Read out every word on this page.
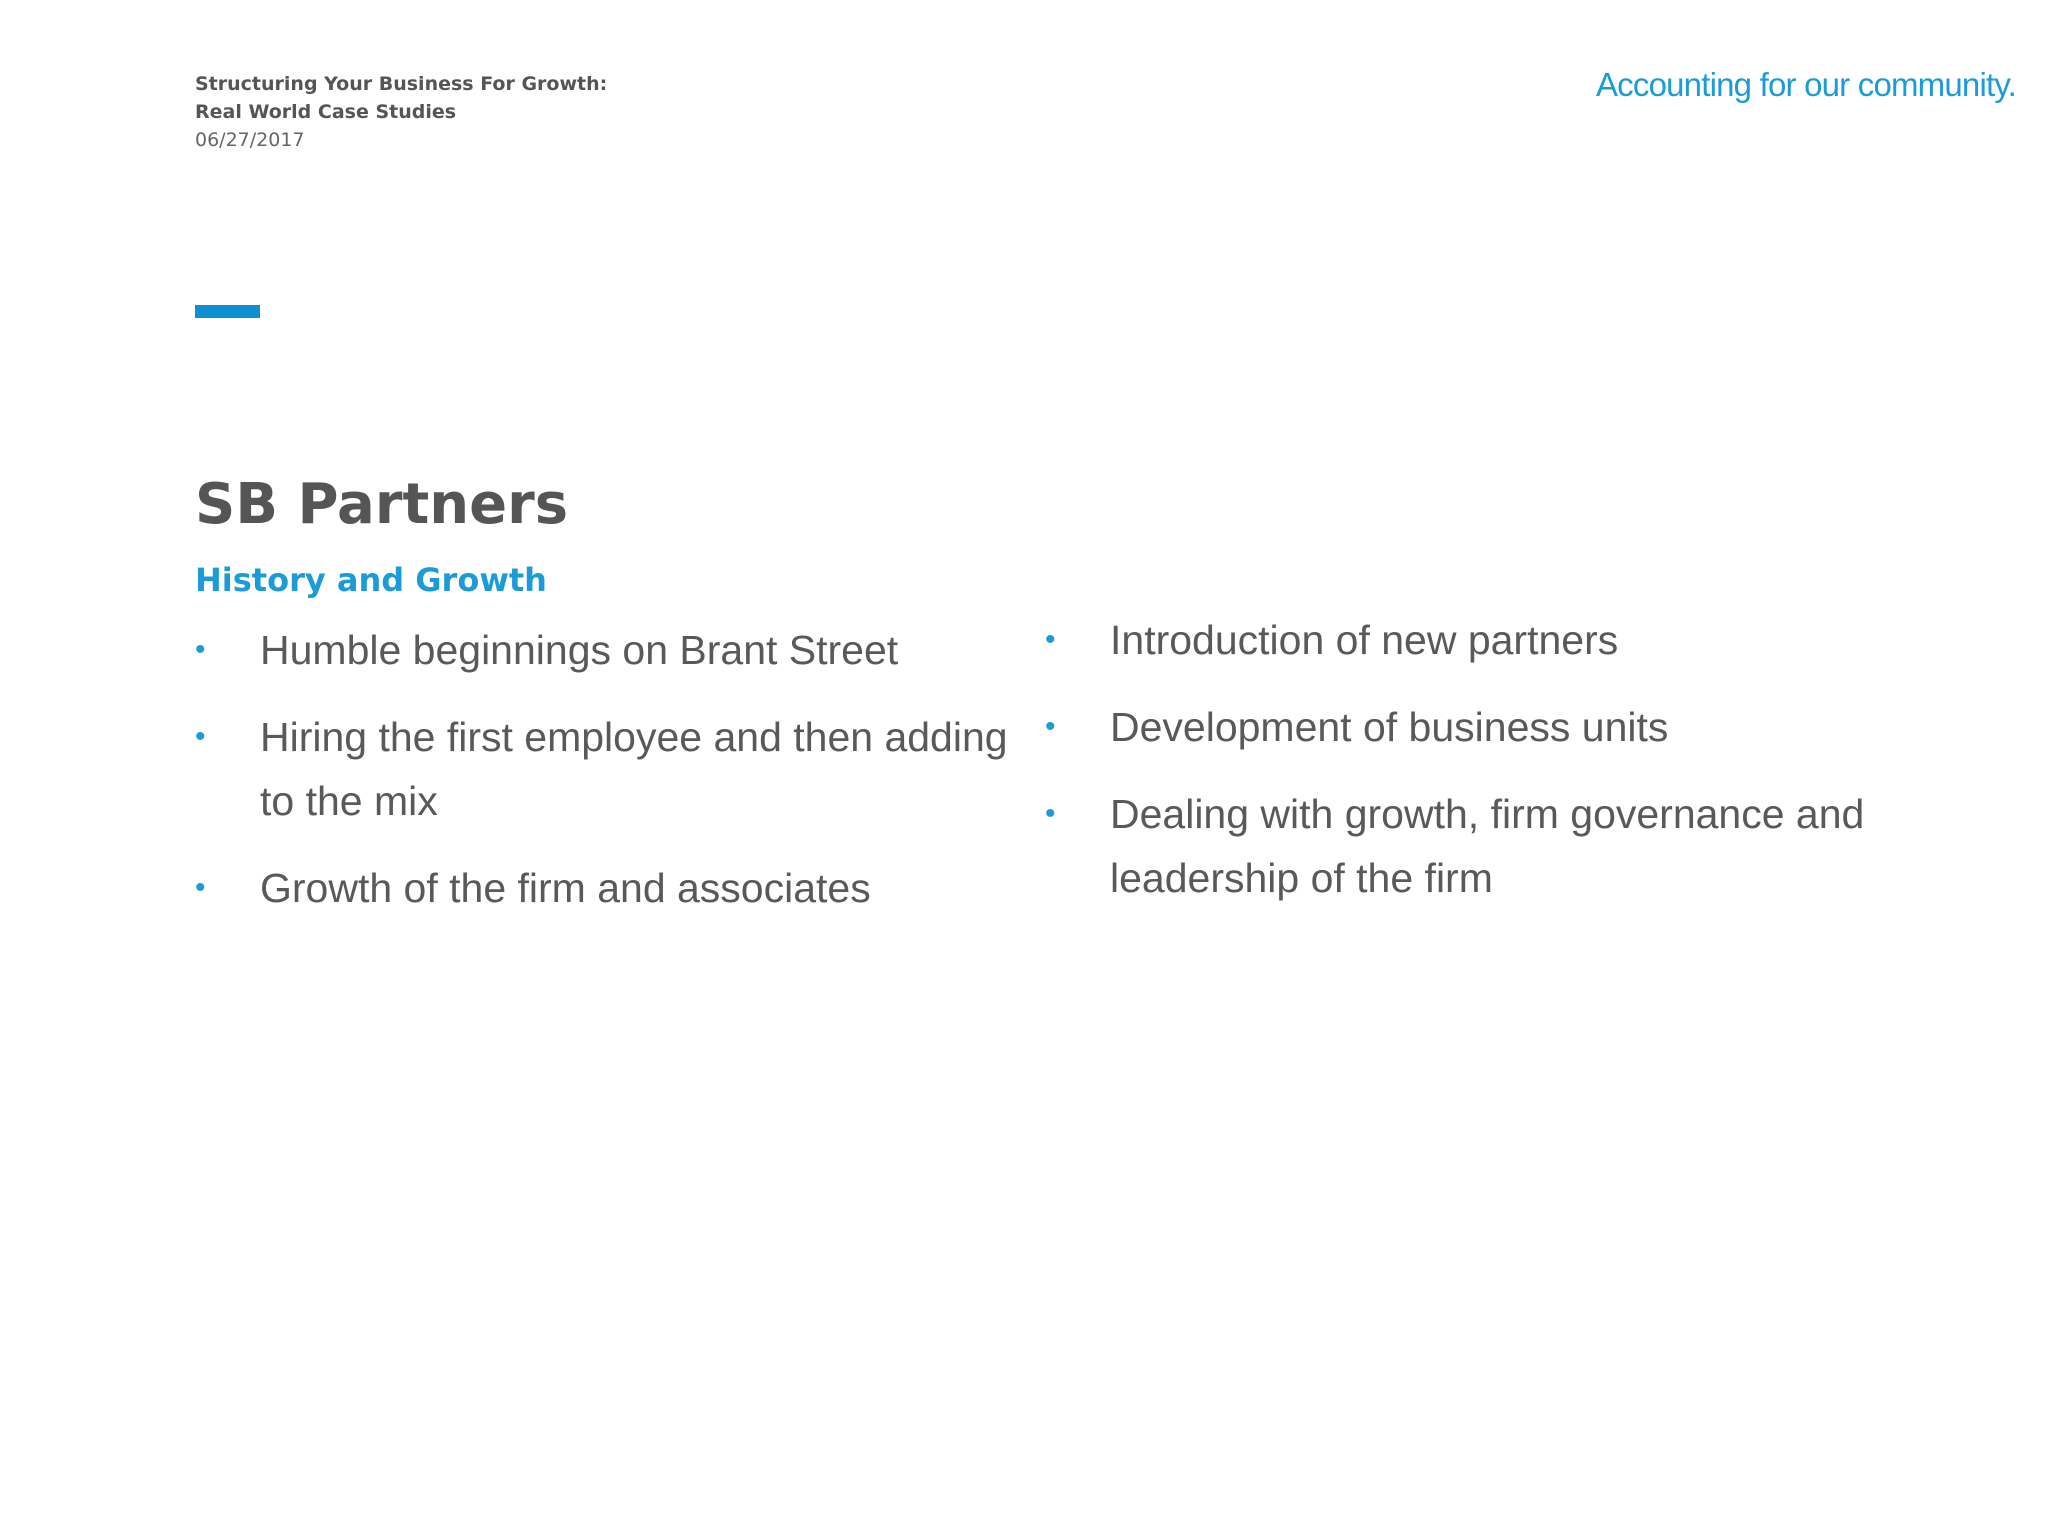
Structuring Your Business For Growth: Real World Case Studies
06/27/2017
Accounting for our community.
SB Partners
History and Growth
• Humble beginnings on Brant Street
• Hiring the first employee and then adding to the mix
• Growth of the firm and associates
• Introduction of new partners
• Development of business units
• Dealing with growth, firm governance and leadership of the firm
